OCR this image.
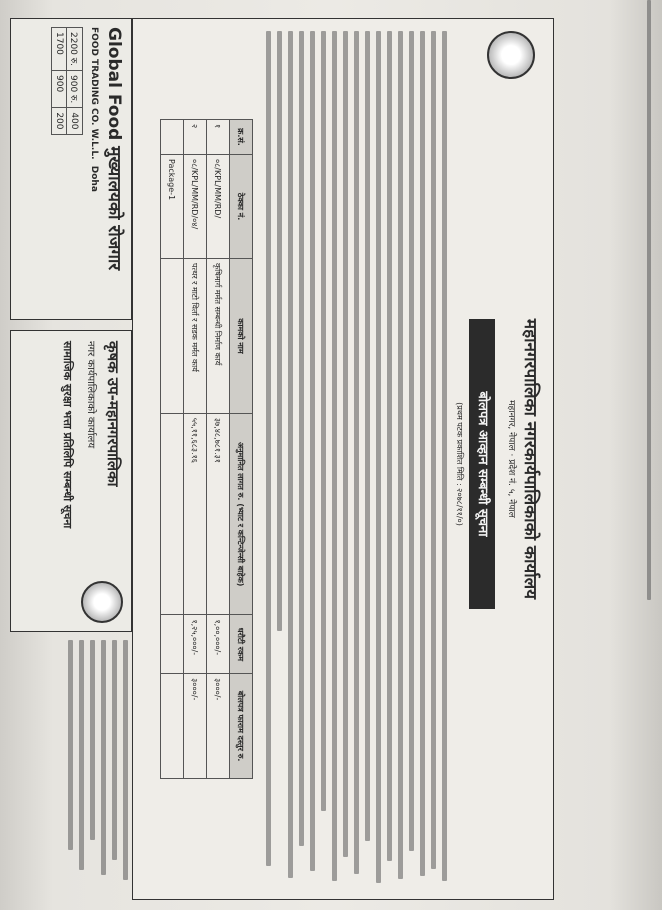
महानगरपालिका नगरकार्यपालिकाको कार्यालय
महानगर, नेपाल · प्रदेश नं. ५, नेपाल
बोलपत्र आव्हान सम्बन्धी सूचना
(प्रथम पटक प्रकाशित मिति : २०७८/११/०)
क्र.सं.	ठेक्का नं.	कामको नाम	अनुमानित लागत रु. (भ्याट र कन्टिन्जेन्सी बाहेक)	धरौटी रकम	बोलपत्र फाराम दस्तुर रु.
१	०८/KPL/MM/RD/	कृषिमार्ग मर्मत सम्बन्धी निर्माण कार्य	३७,४८,७८१.३१	१,००,०००/-	३०००/-
२	०८/KPL/MM/RD/०४/	पत्थर र माटो विर्ता र सडक मर्मत कार्य	५५,११,६८३.१६	१,२५,०००/-	३०००/-
	Package-1				
Global Food मुख्यालयको रोजगार
FOOD TRADING CO. W.L.L.  Doha
2200 रु.	900 रु.	400
1700	900	200
कृषक उप-महानगरपालिका
नगर कार्यपालिकाको कार्यालय
सामाजिक सुरक्षा भत्ता प्रतिलिपि सम्बन्धी सूचना
